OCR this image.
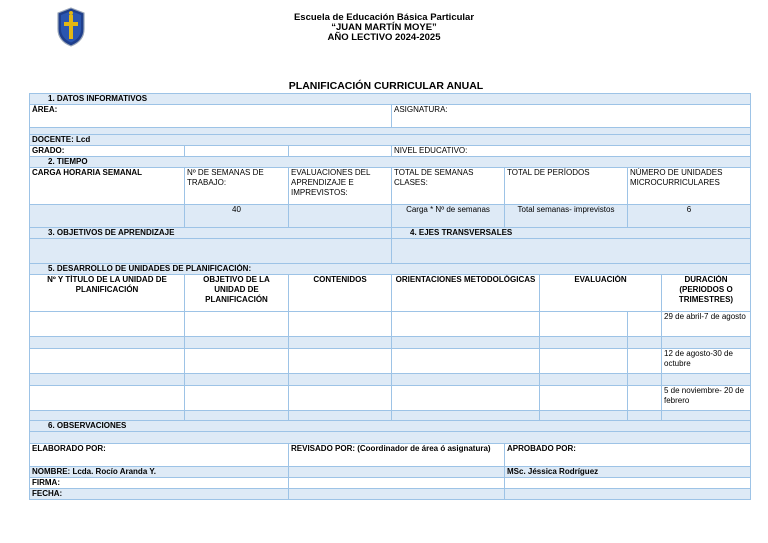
Escuela de Educación Básica Particular
“JUAN MARTÍN MOYE”
AÑO LECTIVO 2024-2025
PLANIFICACIÓN CURRICULAR ANUAL
1. DATOS INFORMATIVOS							
ÁREA:			ASIGNATURA:				

DOCENTE: Lcd							
GRADO:			NIVEL EDUCATIVO:				
2. TIEMPO							
CARGA HORARIA SEMANAL	Nº DE SEMANAS DE TRABAJO:	EVALUACIONES DEL APRENDIZAJE E IMPREVISTOS:	TOTAL DE SEMANAS CLASES:	TOTAL DE PERÍODOS		NÚMERO DE UNIDADES MICROCURRICULARES	
	40		Carga * Nº de semanas	Total semanas- imprevistos		6	
3. OBJETIVOS DE APRENDIZAJE			4. EJES TRANSVERSALES				

5. DESARROLLO DE UNIDADES DE PLANIFICACIÓN:							
Nº Y TÍTULO DE LA UNIDAD DE PLANIFICACIÓN	OBJETIVO DE LA UNIDAD DE PLANIFICACIÓN	CONTENIDOS	ORIENTACIONES METODOLÓGICAS		EVALUACIÓN		DURACIÓN (PERIODOS O TRIMESTRES)
							29 de abril-7 de agosto

							12 de agosto-30 de octubre

							5 de noviembre- 20 de febrero

6. OBSERVACIONES							

ELABORADO POR:		REVISADO POR: (Coordinador de área ó asignatura)		APROBADO POR:			
NOMBRE: Lcda. Rocío Aranda Y.				MSc. Jéssica Rodríguez			
FIRMA:							
FECHA:							
